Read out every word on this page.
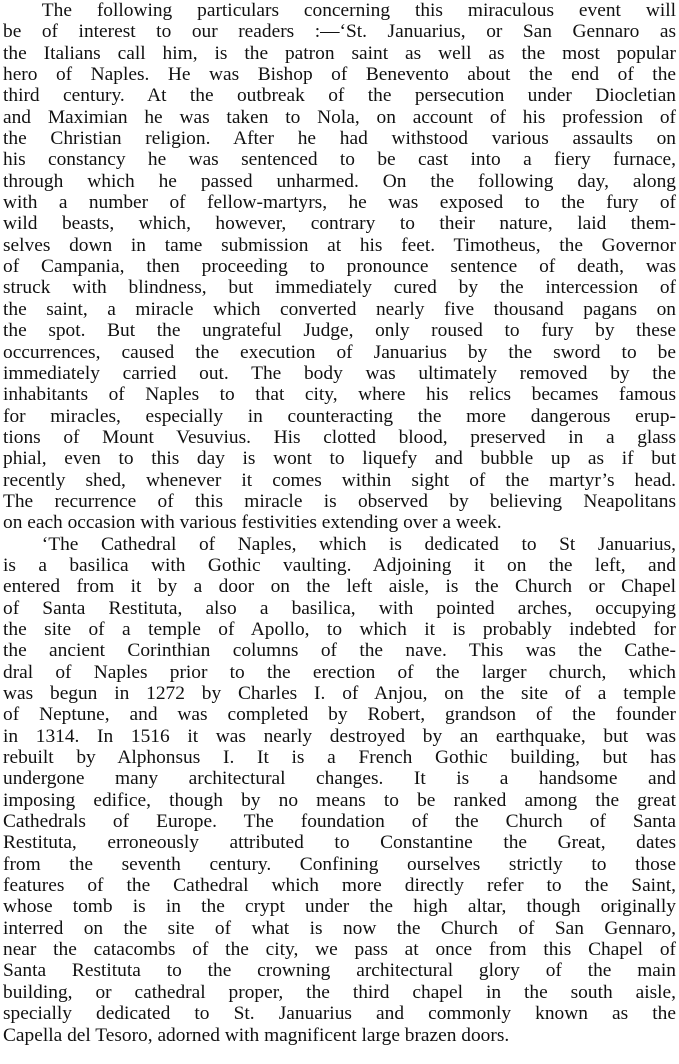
The following particulars concerning this miraculous event will
be of interest to our readers :—‘St. Januarius, or San Gennaro as
the Italians call him, is the patron saint as well as the most popular
hero of Naples. He was Bishop of Benevento about the end of the
third century. At the outbreak of the persecution under Diocletian
and Maximian he was taken to Nola, on account of his profession of
the Christian religion. After he had withstood various assaults on
his constancy he was sentenced to be cast into a fiery furnace,
through which he passed unharmed. On the following day, along
with a number of fellow-martyrs, he was exposed to the fury of
wild beasts, which, however, contrary to their nature, laid them-
selves down in tame submission at his feet. Timotheus, the Governor
of Campania, then proceeding to pronounce sentence of death, was
struck with blindness, but immediately cured by the intercession of
the saint, a miracle which converted nearly five thousand pagans on
the spot. But the ungrateful Judge, only roused to fury by these
occurrences, caused the execution of Januarius by the sword to be
immediately carried out. The body was ultimately removed by the
inhabitants of Naples to that city, where his relics becames famous
for miracles, especially in counteracting the more dangerous erup-
tions of Mount Vesuvius. His clotted blood, preserved in a glass
phial, even to this day is wont to liquefy and bubble up as if but
recently shed, whenever it comes within sight of the martyr’s head.
The recurrence of this miracle is observed by believing Neapolitans
on each occasion with various festivities extending over a week.
‘The Cathedral of Naples, which is dedicated to St Januarius,
is a basilica with Gothic vaulting. Adjoining it on the left, and
entered from it by a door on the left aisle, is the Church or Chapel
of Santa Restituta, also a basilica, with pointed arches, occupying
the site of a temple of Apollo, to which it is probably indebted for
the ancient Corinthian columns of the nave. This was the Cathe-
dral of Naples prior to the erection of the larger church, which
was begun in 1272 by Charles I. of Anjou, on the site of a temple
of Neptune, and was completed by Robert, grandson of the founder
in 1314. In 1516 it was nearly destroyed by an earthquake, but was
rebuilt by Alphonsus I. It is a French Gothic building, but has
undergone many architectural changes. It is a handsome and
imposing edifice, though by no means to be ranked among the great
Cathedrals of Europe. The foundation of the Church of Santa
Restituta, erroneously attributed to Constantine the Great, dates
from the seventh century. Confining ourselves strictly to those
features of the Cathedral which more directly refer to the Saint,
whose tomb is in the crypt under the high altar, though originally
interred on the site of what is now the Church of San Gennaro,
near the catacombs of the city, we pass at once from this Chapel of
Santa Restituta to the crowning architectural glory of the main
building, or cathedral proper, the third chapel in the south aisle,
specially dedicated to St. Januarius and commonly known as the
Capella del Tesoro, adorned with magnificent large brazen doors.
